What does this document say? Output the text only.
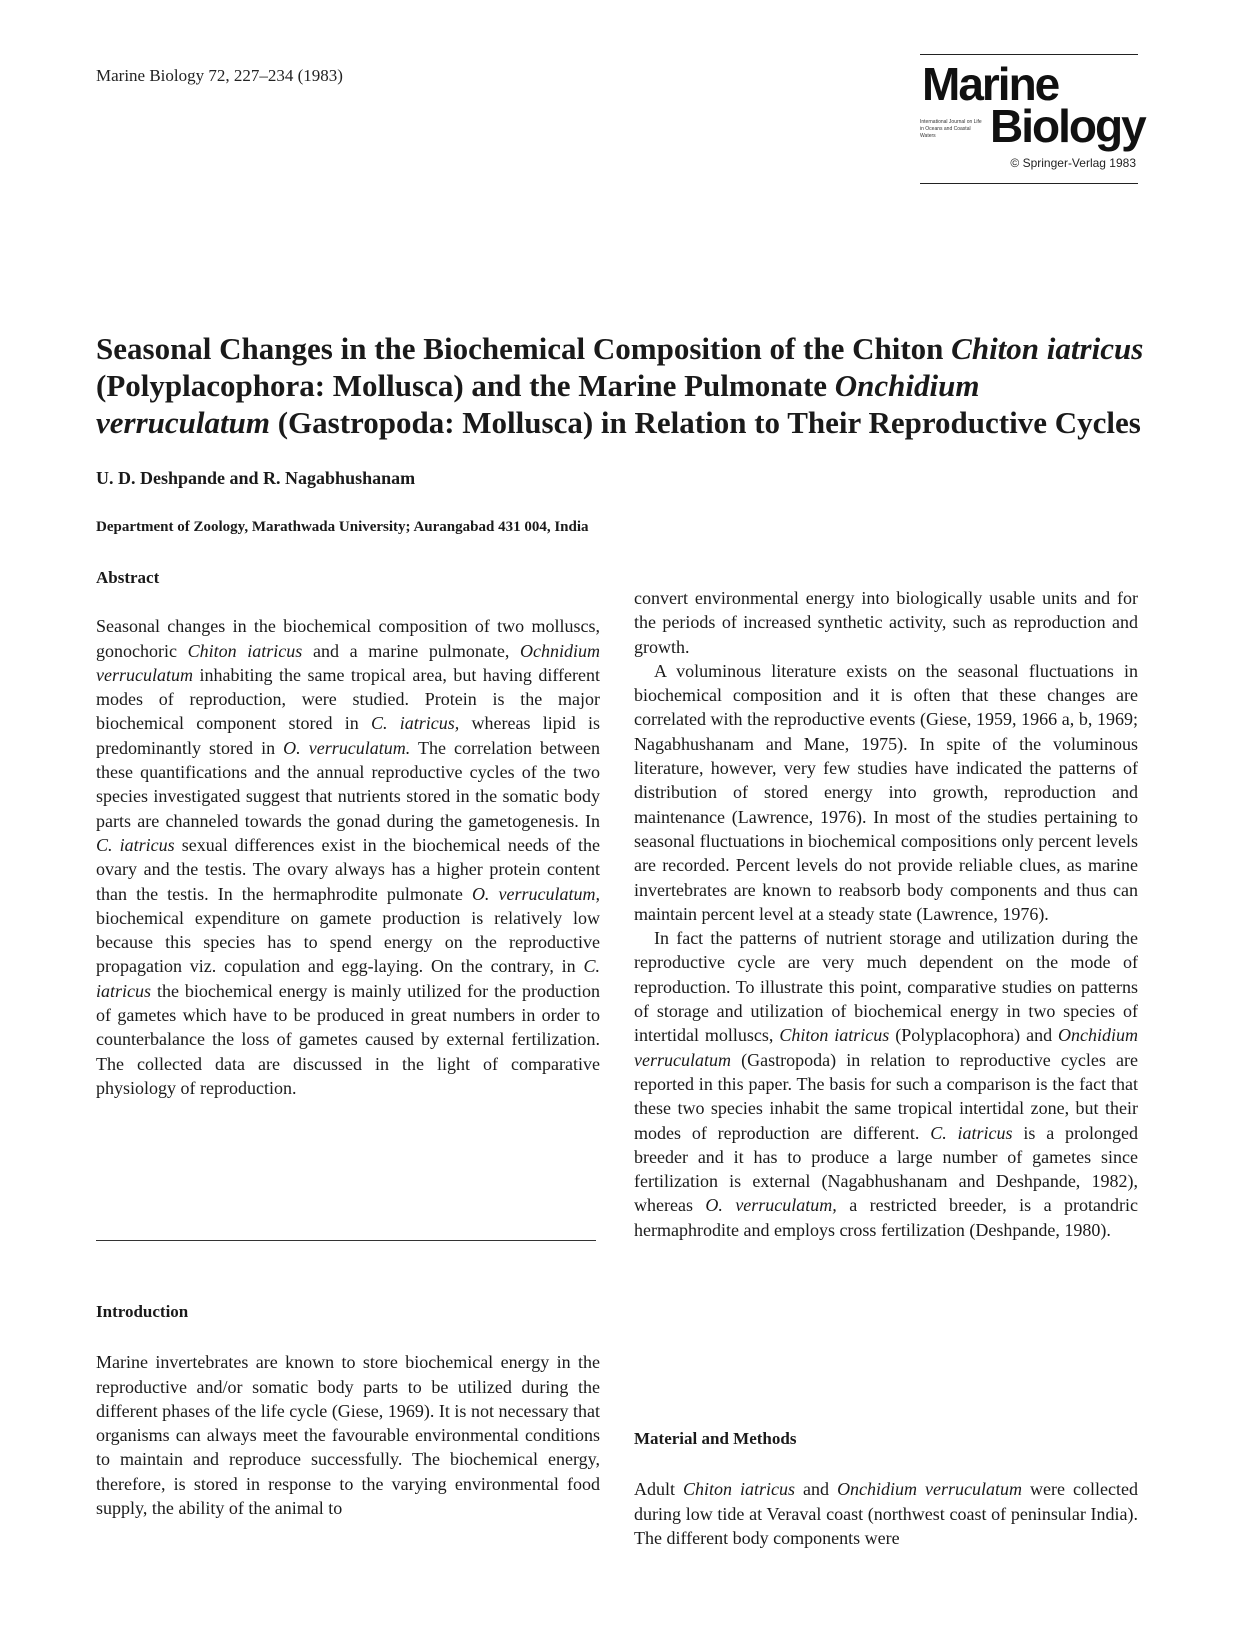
Marine Biology 72, 227–234 (1983)	Marine
International Journal on Life in Oceans and Coastal Waters	Biology
© Springer-Verlag 1983
Seasonal Changes in the Biochemical Composition of the Chiton Chiton iatricus (Polyplacophora: Mollusca) and the Marine Pulmonate Onchidium verruculatum (Gastropoda: Mollusca) in Relation to Their Reproductive Cycles
U. D. Deshpande and R. Nagabhushanam
Department of Zoology, Marathwada University; Aurangabad 431 004, India

Abstract

Seasonal changes in the biochemical composition of two molluscs, gonochoric Chiton iatricus and a marine pulmonate, Ochnidium verruculatum inhabiting the same tropical area, but having different modes of reproduction, were studied. Protein is the major biochemical component stored in C. iatricus, whereas lipid is predominantly stored in O. verruculatum. The correlation between these quantifications and the annual reproductive cycles of the two species investigated suggest that nutrients stored in the somatic body parts are channeled towards the gonad during the gametogenesis. In C. iatricus sexual differences exist in the biochemical needs of the ovary and the testis. The ovary always has a higher protein content than the testis. In the hermaphrodite pulmonate O. verruculatum, biochemical expenditure on gamete production is relatively low because this species has to spend energy on the reproductive propagation viz. copulation and egg-laying. On the contrary, in C. iatricus the biochemical energy is mainly utilized for the production of gametes which have to be produced in great numbers in order to counterbalance the loss of gametes caused by external fertilization. The collected data are discussed in the light of comparative physiology of reproduction.

Introduction

Marine invertebrates are known to store biochemical energy in the reproductive and/or somatic body parts to be utilized during the different phases of the life cycle (Giese, 1969). It is not necessary that organisms can always meet the favourable environmental conditions to maintain and reproduce successfully. The biochemical energy, therefore, is stored in response to the varying environmental food supply, the ability of the animal to

convert environmental energy into biologically usable units and for the periods of increased synthetic activity, such as reproduction and growth.

A voluminous literature exists on the seasonal fluctuations in biochemical composition and it is often that these changes are correlated with the reproductive events (Giese, 1959, 1966 a, b, 1969; Nagabhushanam and Mane, 1975). In spite of the voluminous literature, however, very few studies have indicated the patterns of distribution of stored energy into growth, reproduction and maintenance (Lawrence, 1976). In most of the studies pertaining to seasonal fluctuations in biochemical compositions only percent levels are recorded. Percent levels do not provide reliable clues, as marine invertebrates are known to reabsorb body components and thus can maintain percent level at a steady state (Lawrence, 1976).

In fact the patterns of nutrient storage and utilization during the reproductive cycle are very much dependent on the mode of reproduction. To illustrate this point, comparative studies on patterns of storage and utilization of biochemical energy in two species of intertidal molluscs, Chiton iatricus (Polyplacophora) and Onchidium verruculatum (Gastropoda) in relation to reproductive cycles are reported in this paper. The basis for such a comparison is the fact that these two species inhabit the same tropical intertidal zone, but their modes of reproduction are different. C. iatricus is a prolonged breeder and it has to produce a large number of gametes since fertilization is external (Nagabhushanam and Deshpande, 1982), whereas O. verruculatum, a restricted breeder, is a protandric hermaphrodite and employs cross fertilization (Deshpande, 1980).

Material and Methods

Adult Chiton iatricus and Onchidium verruculatum were collected during low tide at Veraval coast (northwest coast of peninsular India). The different body components were
